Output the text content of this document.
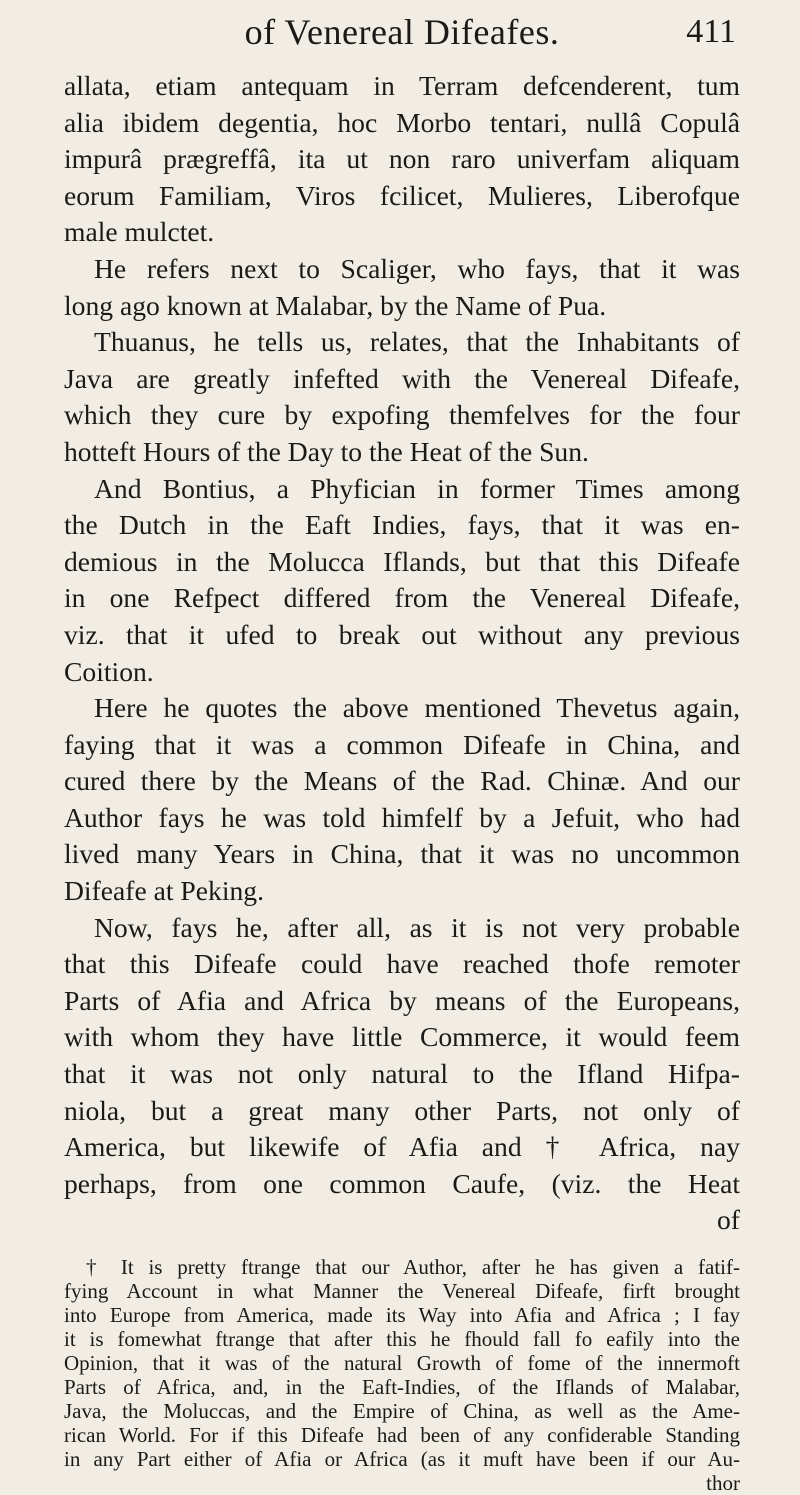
of Venereal Difeafes.	411

allata, etiam antequam in Terram defcenderent, tum

alia ibidem degentia, hoc Morbo tentari, nullâ Copulâ

impurâ prægreffâ, ita ut non raro univerfam aliquam

eorum Familiam, Viros fcilicet, Mulieres, Liberofque

male mulctet.

He refers next to Scaliger, who fays, that it was

long ago known at Malabar, by the Name of Pua.

Thuanus, he tells us, relates, that the Inhabitants of

Java are greatly infefted with the Venereal Difeafe,

which they cure by expofing themfelves for the four

hotteft Hours of the Day to the Heat of the Sun.

And Bontius, a Phyfician in former Times among

the Dutch in the Eaft Indies, fays, that it was en-

demious in the Molucca Iflands, but that this Difeafe

in one Refpect differed from the Venereal Difeafe,

viz. that it ufed to break out without any previous

Coition.

Here he quotes the above mentioned Thevetus again,

faying that it was a common Difeafe in China, and

cured there by the Means of the Rad. Chinæ. And our

Author fays he was told himfelf by a Jefuit, who had

lived many Years in China, that it was no uncommon

Difeafe at Peking.

Now, fays he, after all, as it is not very probable

that this Difeafe could have reached thofe remoter

Parts of Afia and Africa by means of the Europeans,

with whom they have little Commerce, it would feem

that it was not only natural to the Ifland Hifpa-

niola, but a great many other Parts, not only of

America, but likewife of Afia and † Africa, nay

perhaps, from one common Caufe, (viz. the Heat

of

† It is pretty ftrange that our Author, after he has given a fatif-

fying Account in what Manner the Venereal Difeafe, firft brought

into Europe from America, made its Way into Afia and Africa ; I fay

it is fomewhat ftrange that after this he fhould fall fo eafily into the

Opinion, that it was of the natural Growth of fome of the innermoft

Parts of Africa, and, in the Eaft-Indies, of the Iflands of Malabar,

Java, the Moluccas, and the Empire of China, as well as the Ame-

rican World. For if this Difeafe had been of any confiderable Standing

in any Part either of Afia or Africa (as it muft have been if our Au-

thor
